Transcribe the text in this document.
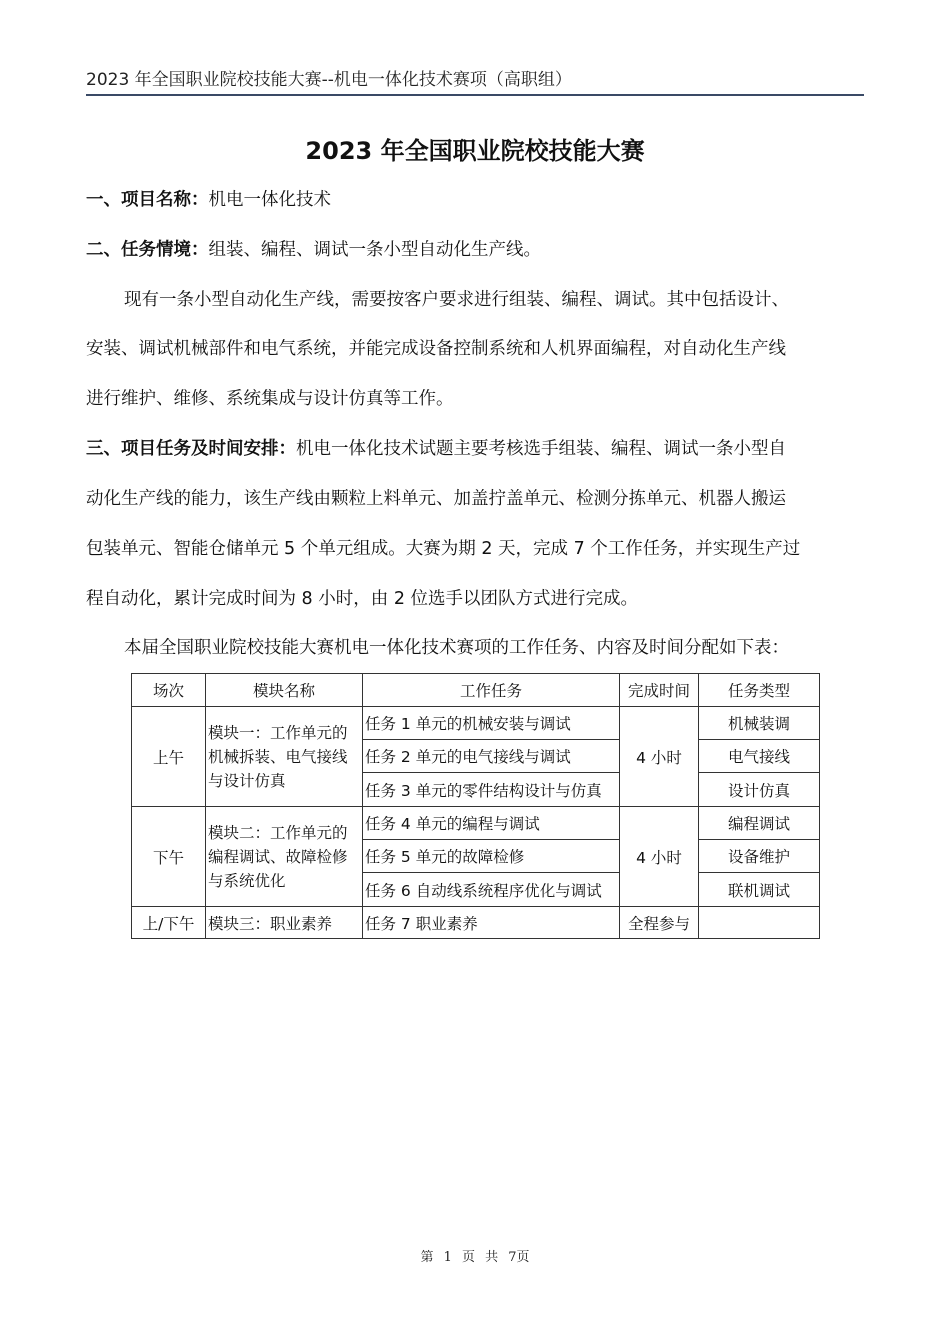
2023 年全国职业院校技能大赛--机电一体化技术赛项（高职组）
2023 年全国职业院校技能大赛
一、项目名称：机电一体化技术
二、任务情境：组装、编程、调试一条小型自动化生产线。
现有一条小型自动化生产线，需要按客户要求进行组装、编程、调试。其中包括设计、
安装、调试机械部件和电气系统，并能完成设备控制系统和人机界面编程，对自动化生产线
进行维护、维修、系统集成与设计仿真等工作。
三、项目任务及时间安排：机电一体化技术试题主要考核选手组装、编程、调试一条小型自
动化生产线的能力，该生产线由颗粒上料单元、加盖拧盖单元、检测分拣单元、机器人搬运
包装单元、智能仓储单元 5 个单元组成。大赛为期 2 天，完成 7 个工作任务，并实现生产过
程自动化，累计完成时间为 8 小时，由 2 位选手以团队方式进行完成。
本届全国职业院校技能大赛机电一体化技术赛项的工作任务、内容及时间分配如下表：
场次	模块名称	工作任务	完成时间	任务类型
上午	模块一：工作单元的机械拆装、电气接线与设计仿真	任务 1 单元的机械安装与调试	4 小时	机械装调
		任务 2 单元的电气接线与调试		电气接线
		任务 3 单元的零件结构设计与仿真		设计仿真
下午	模块二：工作单元的编程调试、故障检修与系统优化	任务 4 单元的编程与调试	4 小时	编程调试
		任务 5 单元的故障检修		设备维护
		任务 6 自动线系统程序优化与调试		联机调试
上/下午	模块三：职业素养	任务 7 职业素养	全程参与	
第 1 页 共 7页
